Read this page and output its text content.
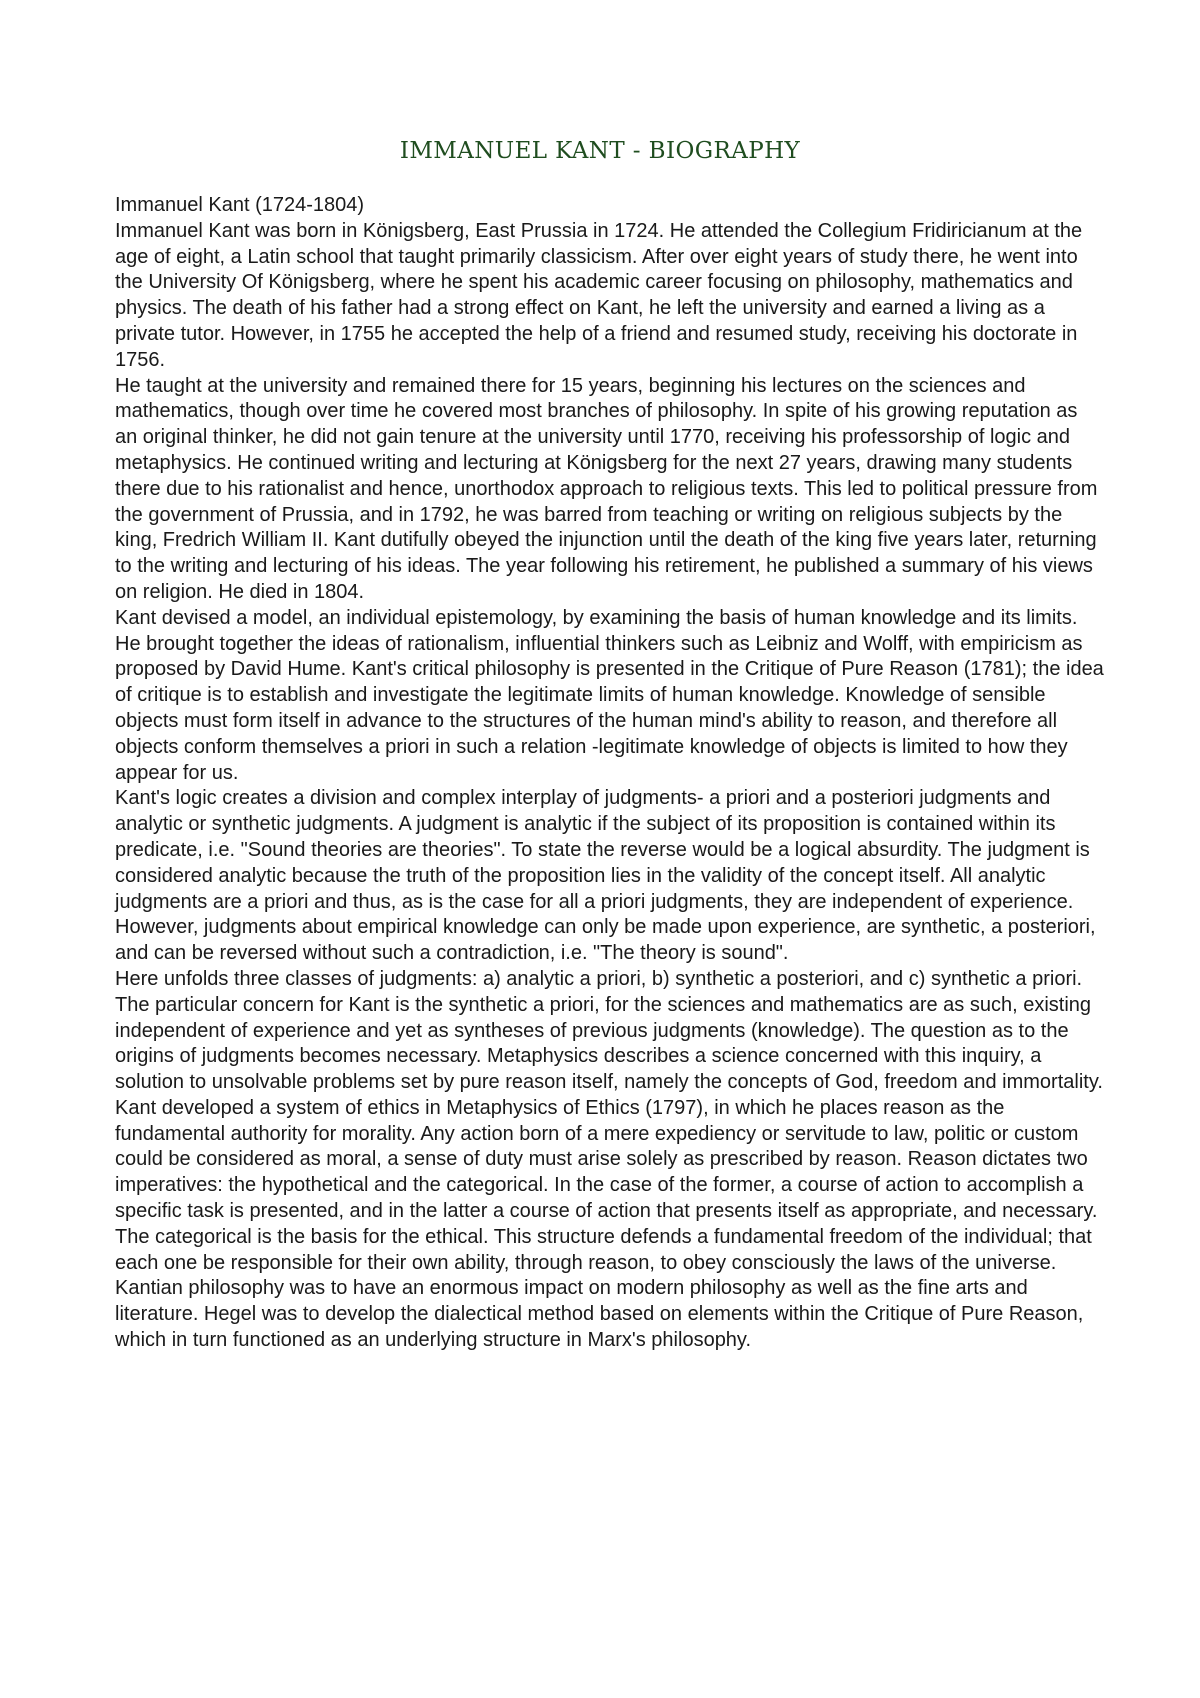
IMMANUEL KANT - BIOGRAPHY

Immanuel Kant (1724-1804)

Immanuel Kant was born in Königsberg, East Prussia in 1724. He attended the Collegium Fridiricianum at the age of eight, a Latin school that taught primarily classicism. After over eight years of study there, he went into the University Of Königsberg, where he spent his academic career focusing on philosophy, mathematics and physics. The death of his father had a strong effect on Kant, he left the university and earned a living as a private tutor. However, in 1755 he accepted the help of a friend and resumed study, receiving his doctorate in 1756.

He taught at the university and remained there for 15 years, beginning his lectures on the sciences and mathematics, though over time he covered most branches of philosophy. In spite of his growing reputation as an original thinker, he did not gain tenure at the university until 1770, receiving his professorship of logic and metaphysics. He continued writing and lecturing at Königsberg for the next 27 years, drawing many students there due to his rationalist and hence, unorthodox approach to religious texts. This led to political pressure from the government of Prussia, and in 1792, he was barred from teaching or writing on religious subjects by the king, Fredrich William II. Kant dutifully obeyed the injunction until the death of the king five years later, returning to the writing and lecturing of his ideas. The year following his retirement, he published a summary of his views on religion. He died in 1804.

Kant devised a model, an individual epistemology, by examining the basis of human knowledge and its limits. He brought together the ideas of rationalism, influential thinkers such as Leibniz and Wolff, with empiricism as proposed by David Hume. Kant's critical philosophy is presented in the Critique of Pure Reason (1781); the idea of critique is to establish and investigate the legitimate limits of human knowledge. Knowledge of sensible objects must form itself in advance to the structures of the human mind's ability to reason, and therefore all objects conform themselves a priori in such a relation -legitimate knowledge of objects is limited to how they appear for us.

Kant's logic creates a division and complex interplay of judgments- a priori and a posteriori judgments and analytic or synthetic judgments. A judgment is analytic if the subject of its proposition is contained within its predicate, i.e. "Sound theories are theories". To state the reverse would be a logical absurdity. The judgment is considered analytic because the truth of the proposition lies in the validity of the concept itself. All analytic judgments are a priori and thus, as is the case for all a priori judgments, they are independent of experience. However, judgments about empirical knowledge can only be made upon experience, are synthetic, a posteriori, and can be reversed without such a contradiction, i.e. "The theory is sound".

Here unfolds three classes of judgments: a) analytic a priori, b) synthetic a posteriori, and c) synthetic a priori. The particular concern for Kant is the synthetic a priori, for the sciences and mathematics are as such, existing independent of experience and yet as syntheses of previous judgments (knowledge). The question as to the origins of judgments becomes necessary. Metaphysics describes a science concerned with this inquiry, a solution to unsolvable problems set by pure reason itself, namely the concepts of God, freedom and immortality.

Kant developed a system of ethics in Metaphysics of Ethics (1797), in which he places reason as the fundamental authority for morality. Any action born of a mere expediency or servitude to law, politic or custom could be considered as moral, a sense of duty must arise solely as prescribed by reason. Reason dictates two imperatives: the hypothetical and the categorical. In the case of the former, a course of action to accomplish a specific task is presented, and in the latter a course of action that presents itself as appropriate, and necessary. The categorical is the basis for the ethical. This structure defends a fundamental freedom of the individual; that each one be responsible for their own ability, through reason, to obey consciously the laws of the universe.

Kantian philosophy was to have an enormous impact on modern philosophy as well as the fine arts and literature. Hegel was to develop the dialectical method based on elements within the Critique of Pure Reason, which in turn functioned as an underlying structure in Marx's philosophy.
